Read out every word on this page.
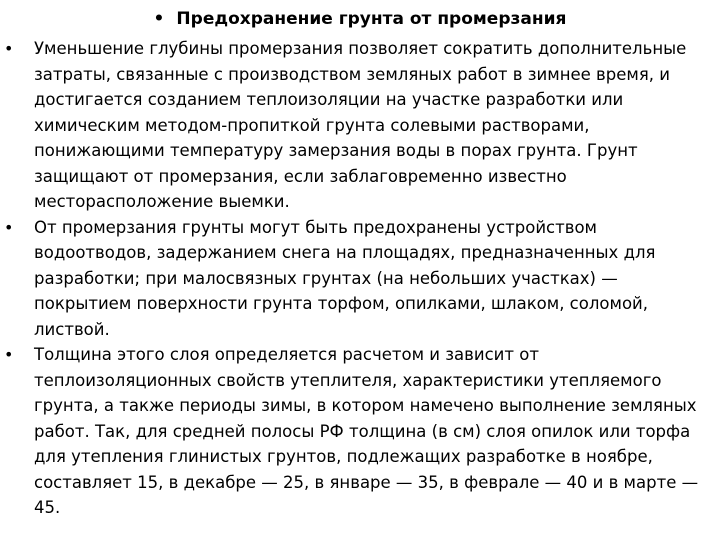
• Предохранение грунта от промерзания
• Уменьшение глубины промерзания позволяет сократить дополнительные затраты, связанные с производством земляных работ в зимнее время, и достигается созданием теплоизоляции на участке разработки или химическим методом-пропиткой грунта солевыми растворами, понижающими температуру замерзания воды в порах грунта. Грунт защищают от промерзания, если заблаговременно известно месторасположение выемки.
• От промерзания грунты могут быть предохранены устройством водоотводов, задержанием снега на площадях, предназначенных для разработки; при малосвязных грунтах (на небольших участках) — покрытием поверхности грунта торфом, опилками, шлаком, соломой, листвой.
• Толщина этого слоя определяется расчетом и зависит от теплоизоляционных свойств утеплителя, характеристики утепляемого грунта, а также периоды зимы, в котором намечено выполнение земляных работ. Так, для средней полосы РФ толщина (в см) слоя опилок или торфа для утепления глинистых грунтов, подлежащих разработке в ноябре, составляет 15, в декабре — 25, в январе — 35, в феврале — 40 и в марте — 45.
